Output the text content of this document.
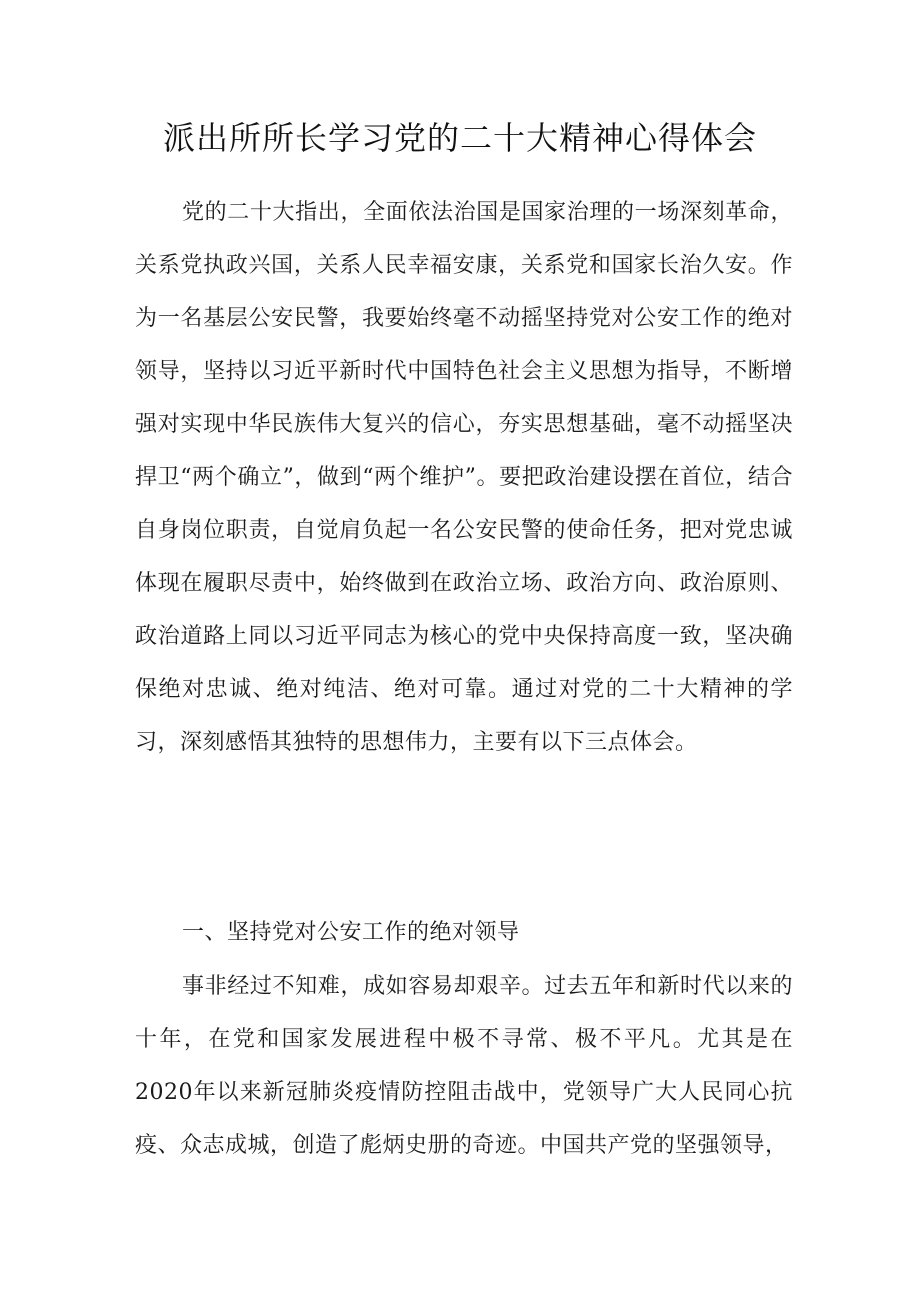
派出所所长学习党的二十大精神心得体会

党的二十大指出，全面依法治国是国家治理的一场深刻革命，关系党执政兴国，关系人民幸福安康，关系党和国家长治久安。作为一名基层公安民警，我要始终毫不动摇坚持党对公安工作的绝对领导，坚持以习近平新时代中国特色社会主义思想为指导，不断增强对实现中华民族伟大复兴的信心，夯实思想基础，毫不动摇坚决捍卫“两个确立”，做到“两个维护”。要把政治建设摆在首位，结合自身岗位职责，自觉肩负起一名公安民警的使命任务，把对党忠诚体现在履职尽责中，始终做到在政治立场、政治方向、政治原则、政治道路上同以习近平同志为核心的党中央保持高度一致，坚决确保绝对忠诚、绝对纯洁、绝对可靠。通过对党的二十大精神的学习，深刻感悟其独特的思想伟力，主要有以下三点体会。

一、坚持党对公安工作的绝对领导

事非经过不知难，成如容易却艰辛。过去五年和新时代以来的十年，在党和国家发展进程中极不寻常、极不平凡。尤其是在2020年以来新冠肺炎疫情防控阻击战中，党领导广大人民同心抗疫、众志成城，创造了彪炳史册的奇迹。中国共产党的坚强领导，
